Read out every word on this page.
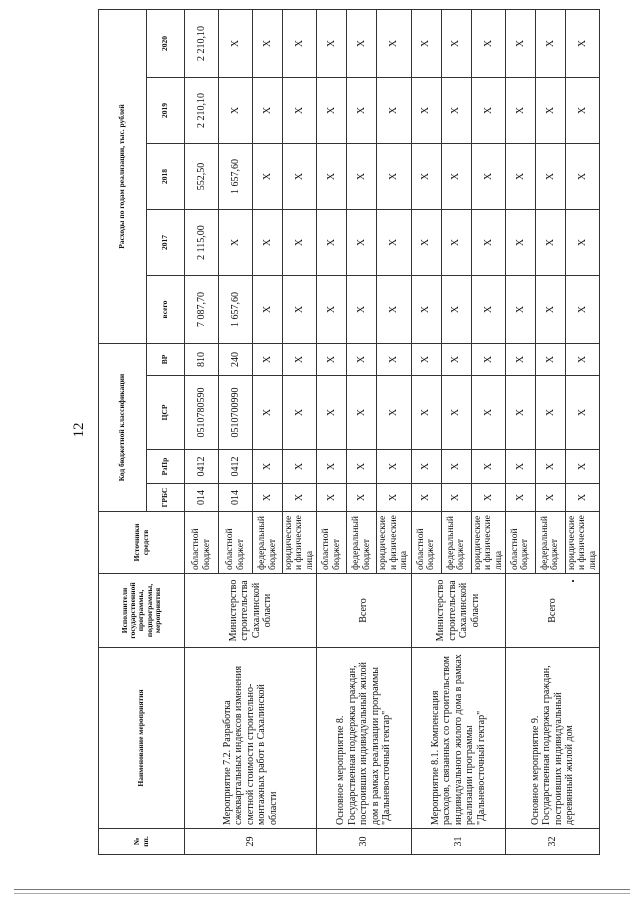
12
№ пп.	Наименование мероприятия	Исполнители государственной программы, подпрограммы, мероприятия	Источники средств	Код бюджетной классификации				Расходы по годам реализации, тыс. рублей				
				ГРБС	РзПр	ЦСР	ВР	всего	2017	2018	2019	2020
29	Мероприятие 7.2. Разработка сжеквартальных индексов изменения сметной стоимости строительно-монтажных работ в Сахалинской области	Министерство строительства Сахалинской области	областной бюджет	014	0412	0510780590	810	7 087,70	2 115,00	552,50	2 210,10	2 210,10
			областной бюджет	014	0412	0510700990	240	1 657,60	X	1 657,60	X	X
			федеральный бюджет	X	X	X	X	X	X	X	X	X
			юридические и физические лица	X	X	X	X	X	X	X	X	X
30	Основное мероприятие 8. Государственная поддержка граждан, построивших индивидуальный жилой дом в рамках реализации программы "Дальневосточный гектар"	Всего	областной бюджет	X	X	X	X	X	X	X	X	X
			федеральный бюджет	X	X	X	X	X	X	X	X	X
			юридические и физические лица	X	X	X	X	X	X	X	X	X
31	Мероприятие 8.1. Компенсация расходов, связанных со строительством индивидуального жилого дома в рамках реализации программы "Дальневосточный гектар"	Министерство строительства Сахалинской области	областной бюджет	X	X	X	X	X	X	X	X	X
			федеральный бюджет	X	X	X	X	X	X	X	X	X
			юридические и физические лица	X	X	X	X	X	X	X	X	X
32	Основное мероприятие 9. Государственная поддержка граждан, построивших индивидуальный деревянный жилой дом	Всего	областной бюджет	X	X	X	X	X	X	X	X	X
			федеральный бюджет	X	X	X	X	X	X	X	X	X
			юридические и физические лица	X	X	X	X	X	X	X	X	X
